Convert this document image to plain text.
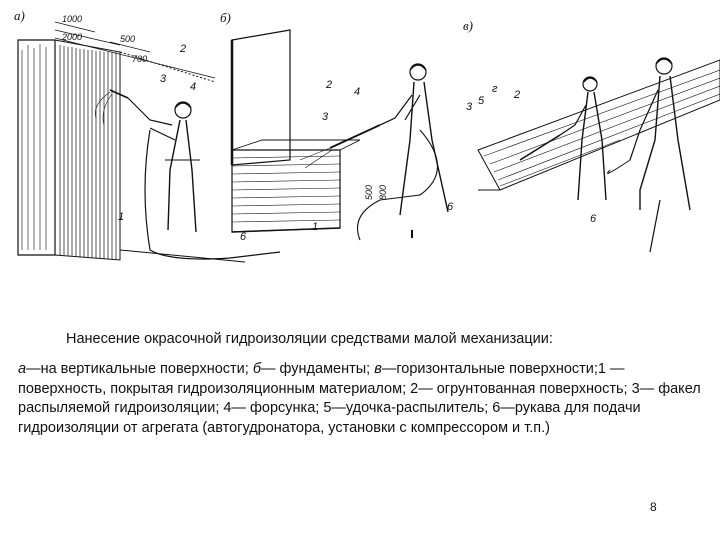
а)	б)
в)
1000
2000	500
700
1
2
3
4
6
500 800
1
2
3
4
6
3 5	2
г
6
Нанесение окрасочной гидроизоляции средствами малой механизации:
а—на вертикальные поверхности; б— фундаменты; в—горизонтальные поверхности;1 — поверхность, покрытая гидроизоляционным материалом; 2— огрунтованная поверхность; 3— факел распыляемой гидроизоляции; 4— форсунка; 5—удочка-распылитель; 6—рукава для подачи гидроизоляции от агрегата (автогудронатора, установки с компрессором и т.п.)
8
